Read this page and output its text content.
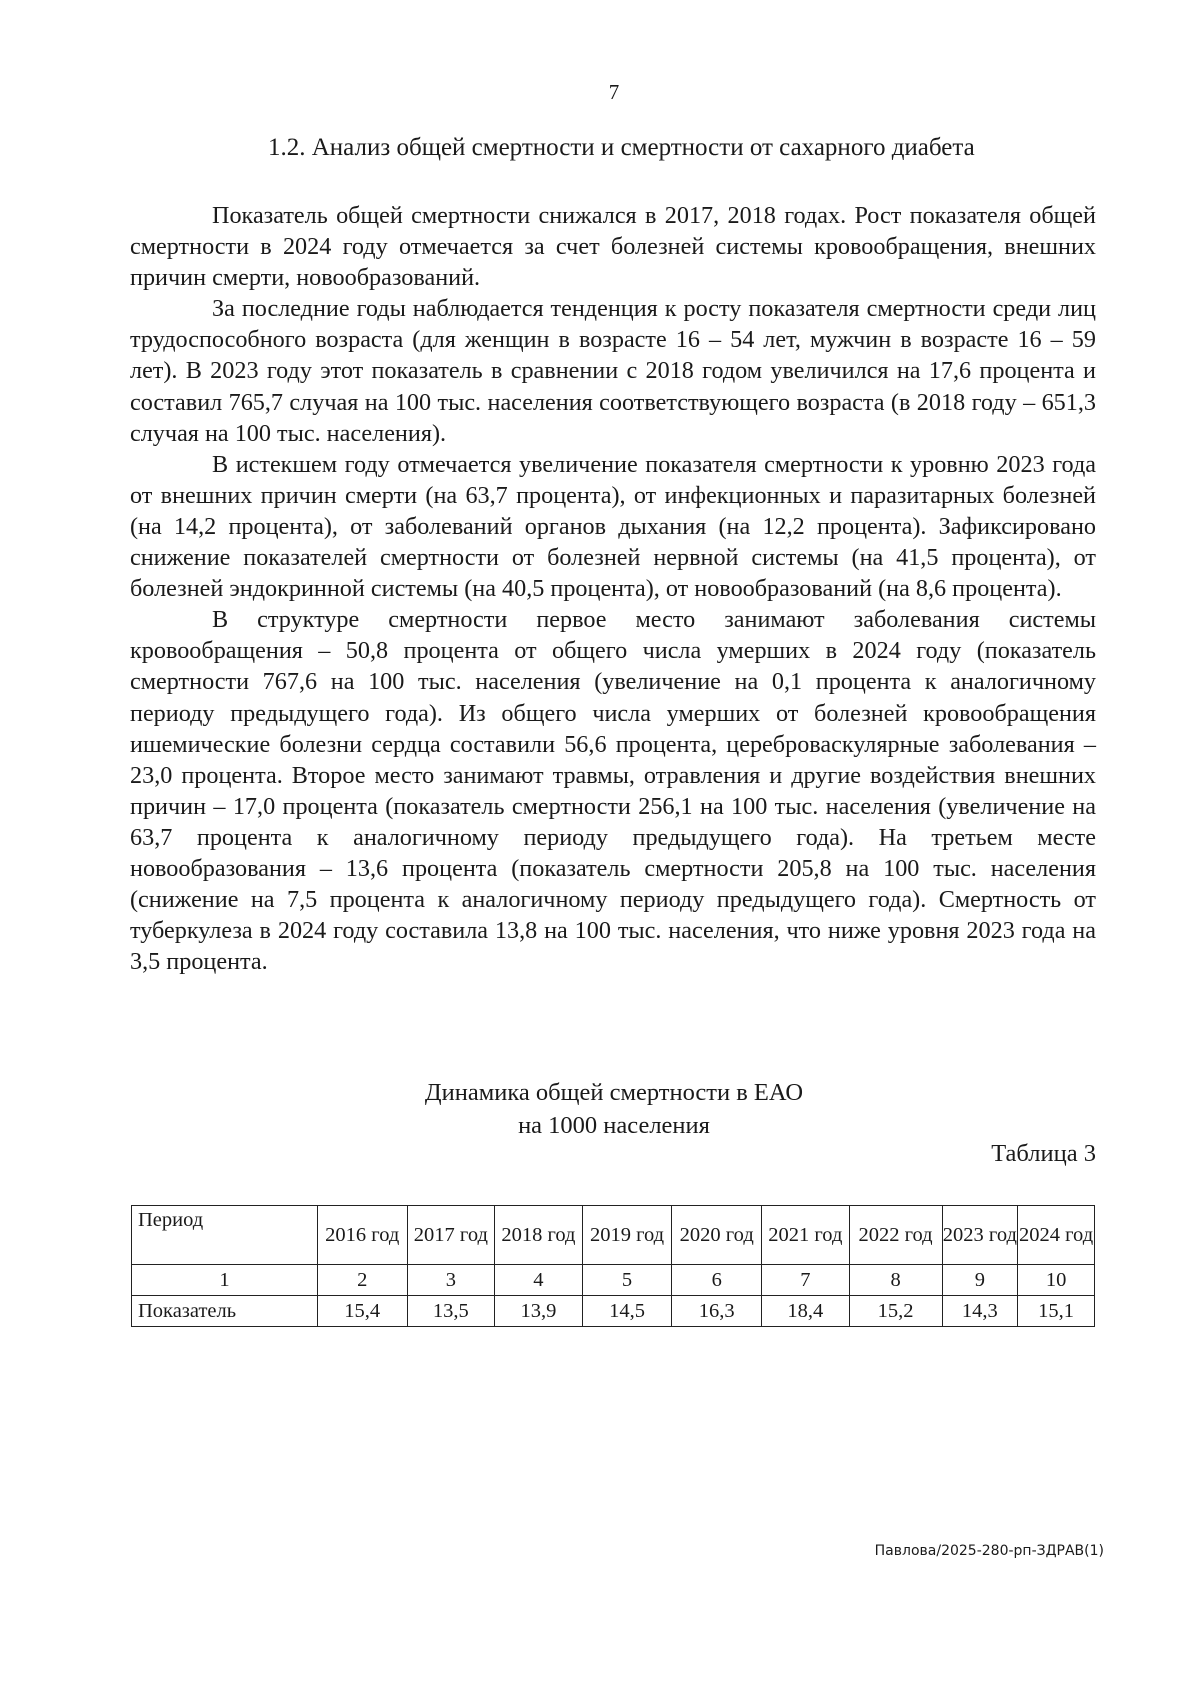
7
1.2. Анализ общей смертности и смертности от сахарного диабета

Показатель общей смертности снижался в 2017, 2018 годах. Рост показателя общей смертности в 2024 году отмечается за счет болезней системы кровообращения, внешних причин смерти, новообразований.

За последние годы наблюдается тенденция к росту показателя смертности среди лиц трудоспособного возраста (для женщин в возрасте 16 – 54 лет, мужчин в возрасте 16 – 59 лет). В 2023 году этот показатель в сравнении с 2018 годом увеличился на 17,6 процента и составил 765,7 случая на 100 тыс. населения соответствующего возраста (в 2018 году – 651,3 случая на 100 тыс. населения).

В истекшем году отмечается увеличение показателя смертности к уровню 2023 года от внешних причин смерти (на 63,7 процента), от инфекционных и паразитарных болезней (на 14,2 процента), от заболеваний органов дыхания (на 12,2 процента). Зафиксировано снижение показателей смертности от болезней нервной системы (на 41,5 процента), от болезней эндокринной системы (на 40,5 процента), от новообразований (на 8,6 процента).

В структуре смертности первое место занимают заболевания системы кровообращения – 50,8 процента от общего числа умерших в 2024 году (показатель смертности 767,6 на 100 тыс. населения (увеличение на 0,1 процента к аналогичному периоду предыдущего года). Из общего числа умерших от болезней кровообращения ишемические болезни сердца составили 56,6 процента, цереброваскулярные заболевания – 23,0 процента. Второе место занимают травмы, отравления и другие воздействия внешних причин – 17,0 процента (показатель смертности 256,1 на 100 тыс. населения (увеличение на 63,7 процента к аналогичному периоду предыдущего года). На третьем месте новообразования – 13,6 процента (показатель смертности 205,8 на 100 тыс. населения (снижение на 7,5 процента к аналогичному периоду предыдущего года). Смертность от туберкулеза в 2024 году составила 13,8 на 100 тыс. населения, что ниже уровня 2023 года на 3,5 процента.

Динамика общей смертности в ЕАО
на 1000 населения
Таблица 3
Период	2016 год	2017 год	2018 год	2019 год	2020 год	2021 год	2022 год	2023 год	2024 год
1	2	3	4	5	6	7	8	9	10
Показатель	15,4	13,5	13,9	14,5	16,3	18,4	15,2	14,3	15,1
Павлова/2025-280-рп-ЗДРАВ(1)
